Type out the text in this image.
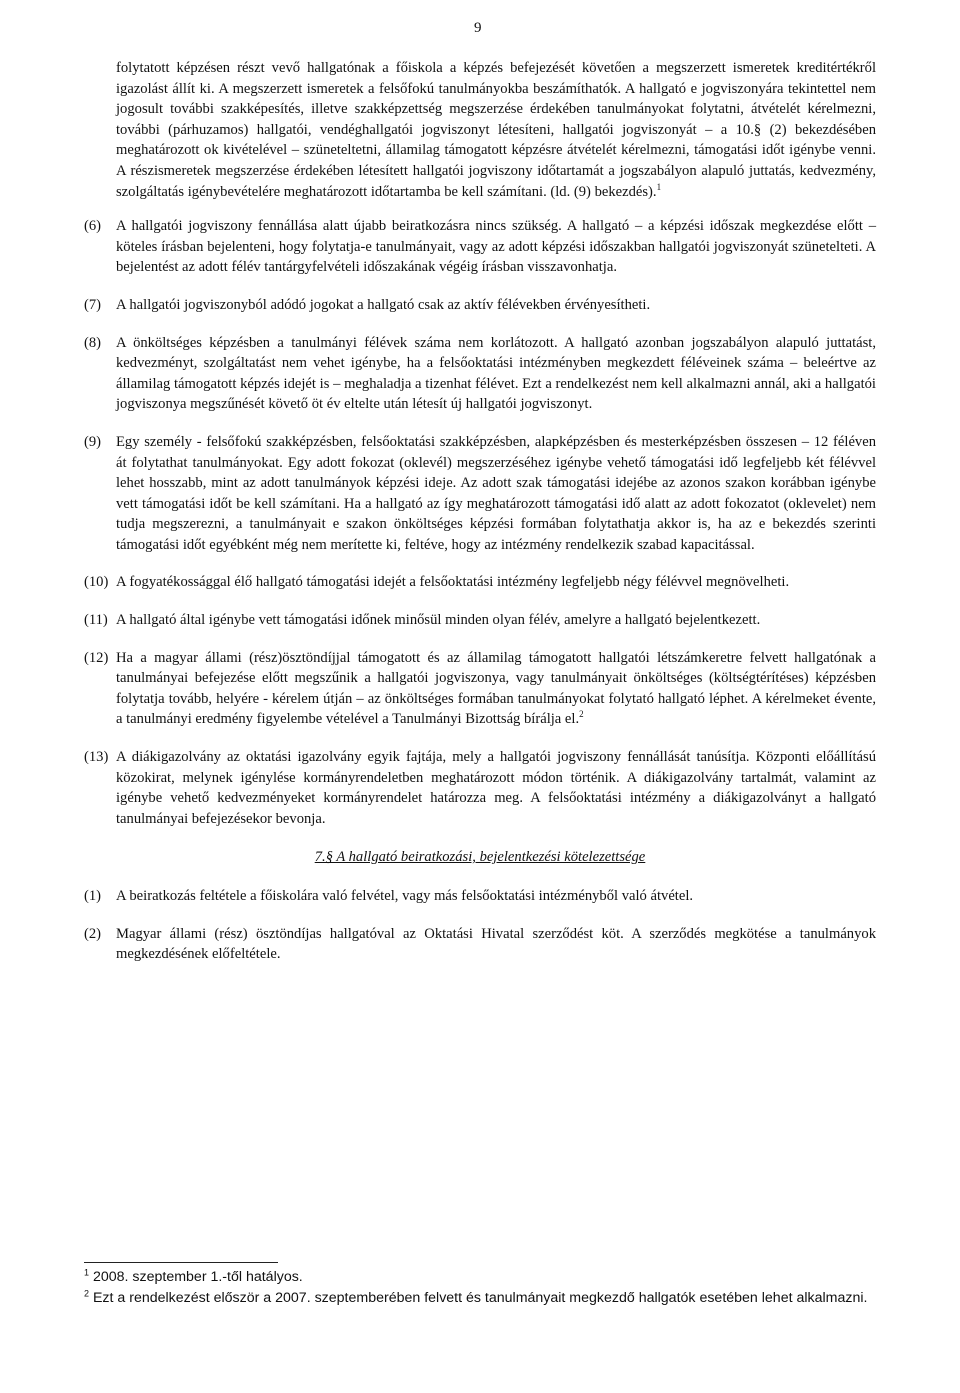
9
folytatott képzésen részt vevő hallgatónak a főiskola a képzés befejezését követően a megszerzett ismeretek kreditértékről igazolást állít ki. A megszerzett ismeretek a felsőfokú tanulmányokba beszámíthatók. A hallgató e jogviszonyára tekintettel nem jogosult további szakképesítés, illetve szakképzettség megszerzése érdekében tanulmányokat folytatni, átvételét kérelmezni, további (párhuzamos) hallgatói, vendéghallgatói jogviszonyt létesíteni, hallgatói jogviszonyát – a 10.§ (2) bekezdésében meghatározott ok kivételével – szüneteltetni, államilag támogatott képzésre átvételét kérelmezni, támogatási időt igénybe venni. A részismeretek megszerzése érdekében létesített hallgatói jogviszony időtartamát a jogszabályon alapuló juttatás, kedvezmény, szolgáltatás igénybevételére meghatározott időtartamba be kell számítani. (ld. (9) bekezdés).$^1$
(6)	A hallgatói jogviszony fennállása alatt újabb beiratkozásra nincs szükség. A hallgató – a képzési időszak megkezdése előtt – köteles írásban bejelenteni, hogy folytatja-e tanulmányait, vagy az adott képzési időszakban hallgatói jogviszonyát szünetelteti. A bejelentést az adott félév tantárgyfelvételi időszakának végéig írásban visszavonhatja.
(7)	A hallgatói jogviszonyból adódó jogokat a hallgató csak az aktív félévekben érvényesítheti.
(8)	A önköltséges képzésben a tanulmányi félévek száma nem korlátozott. A hallgató azonban jogszabályon alapuló juttatást, kedvezményt, szolgáltatást nem vehet igénybe, ha a felsőoktatási intézményben megkezdett féléveinek száma – beleértve az államilag támogatott képzés idejét is – meghaladja a tizenhat félévet. Ezt a rendelkezést nem kell alkalmazni annál, aki a hallgatói jogviszonya megszűnését követő öt év eltelte után létesít új hallgatói jogviszonyt.
(9)	Egy személy - felsőfokú szakképzésben, felsőoktatási szakképzésben, alapképzésben és mesterképzésben összesen – 12 féléven át folytathat tanulmányokat. Egy adott fokozat (oklevél) megszerzéséhez igénybe vehető támogatási idő legfeljebb két félévvel lehet hosszabb, mint az adott tanulmányok képzési ideje. Az adott szak támogatási idejébe az azonos szakon korábban igénybe vett támogatási időt be kell számítani. Ha a hallgató az így meghatározott támogatási idő alatt az adott fokozatot (oklevelet) nem tudja megszerezni, a tanulmányait e szakon önköltséges képzési formában folytathatja akkor is, ha az e bekezdés szerinti támogatási időt egyébként még nem merítette ki, feltéve, hogy az intézmény rendelkezik szabad kapacitással.
(10) A fogyatékossággal élő hallgató támogatási idejét a felsőoktatási intézmény legfeljebb négy félévvel megnövelheti.
(11) A hallgató által igénybe vett támogatási időnek minősül minden olyan félév, amelyre a hallgató bejelentkezett.
(12) Ha a magyar állami (rész)ösztöndíjjal támogatott és az államilag támogatott hallgatói létszámkeretre felvett hallgatónak a tanulmányai befejezése előtt megszűnik a hallgatói jogviszonya, vagy tanulmányait önköltséges (költségtérítéses) képzésben folytatja tovább, helyére - kérelem útján – az önköltséges formában tanulmányokat folytató hallgató léphet. A kérelmeket évente, a tanulmányi eredmény figyelembe vételével a Tanulmányi Bizottság bírálja el.$^2$
(13) A diákigazolvány az oktatási igazolvány egyik fajtája, mely a hallgatói jogviszony fennállását tanúsítja. Központi előállítású közokirat, melynek igénylése kormányrendeletben meghatározott módon történik. A diákigazolvány tartalmát, valamint az igénybe vehető kedvezményeket kormányrendelet határozza meg. A felsőoktatási intézmény a diákigazolványt a hallgató tanulmányai befejezésekor bevonja.
7.§ A hallgató beiratkozási, bejelentkezési kötelezettsége
(1)	A beiratkozás feltétele a főiskolára való felvétel, vagy más felsőoktatási intézményből való átvétel.
(2)	Magyar állami (rész) ösztöndíjas hallgatóval az Oktatási Hivatal szerződést köt. A szerződés megkötése a tanulmányok megkezdésének előfeltétele.
$^1$ 2008. szeptember 1.-től hatályos.
$^2$ Ezt a rendelkezést először a 2007. szeptemberében felvett és tanulmányait megkezdő hallgatók esetében lehet alkalmazni.
